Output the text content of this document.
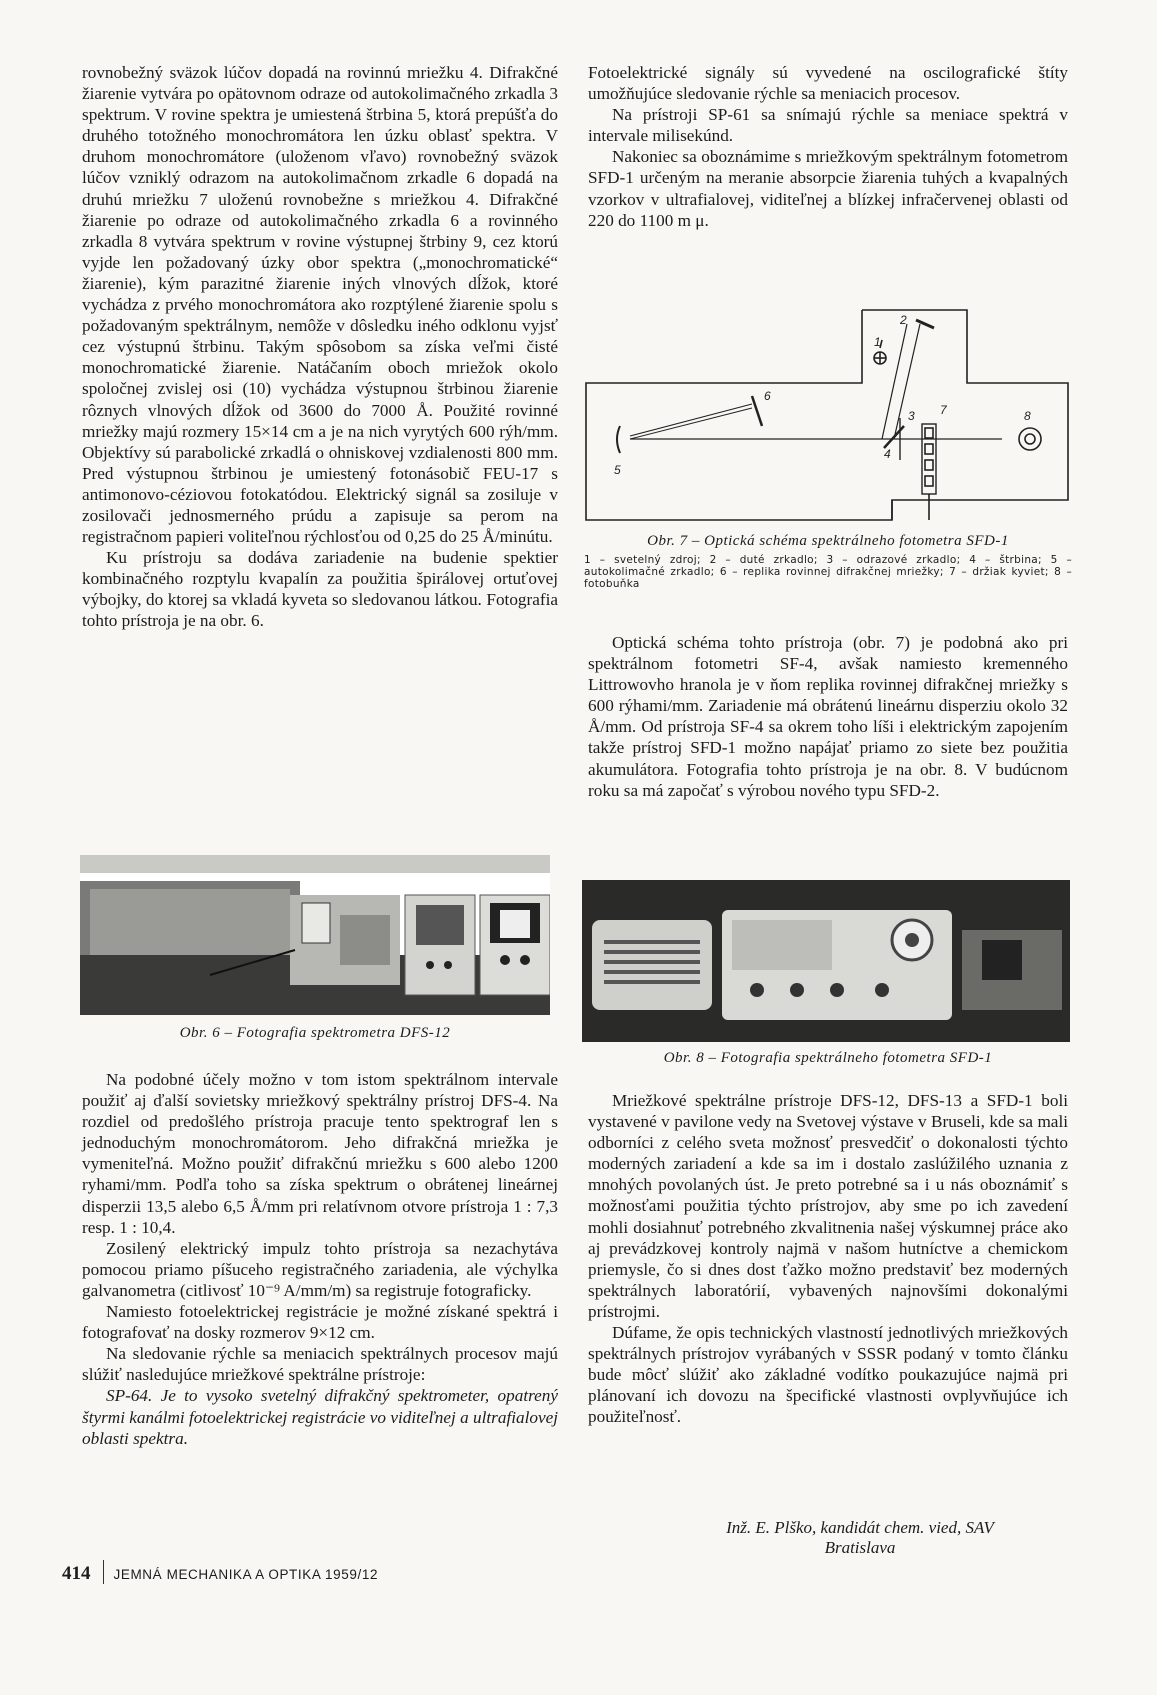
rovnobežný sväzok lúčov dopadá na rovinnú mriežku 4. Difrakčné žiarenie vytvára po opätovnom odraze od autokolimačného zrkadla 3 spektrum. V rovine spektra je umiestená štrbina 5, ktorá prepúšťa do druhého totožného monochromátora len úzku oblasť spektra. V druhom monochromátore (uloženom vľavo) rovnobežný sväzok lúčov vzniklý odrazom na autokolimačnom zrkadle 6 dopadá na druhú mriežku 7 uloženú rovnobežne s mriežkou 4. Difrakčné žiarenie po odraze od autokolimačného zrkadla 6 a rovinného zrkadla 8 vytvára spektrum v rovine výstupnej štrbiny 9, cez ktorú vyjde len požadovaný úzky obor spektra („monochromatické“ žiarenie), kým parazitné žiarenie iných vlnových dĺžok, ktoré vychádza z prvého monochromátora ako rozptýlené žiarenie spolu s požadovaným spektrálnym, nemôže v dôsledku iného odklonu vyjsť cez výstupnú štrbinu. Takým spôsobom sa získa veľmi čisté monochromatické žiarenie. Natáčaním oboch mriežok okolo spoločnej zvislej osi (10) vychádza výstupnou štrbinou žiarenie rôznych vlnových dĺžok od 3600 do 7000 Å. Použité rovinné mriežky majú rozmery 15×14 cm a je na nich vyrytých 600 rýh/mm. Objektívy sú parabolické zrkadlá o ohniskovej vzdialenosti 800 mm. Pred výstupnou štrbinou je umiestený fotonásobič FEU-17 s antimonovo-céziovou fotokatódou. Elektrický signál sa zosiluje v zosilovači jednosmerného prúdu a zapisuje sa perom na registračnom papieri voliteľnou rýchlosťou od 0,25 do 25 Å/minútu.

Ku prístroju sa dodáva zariadenie na budenie spektier kombinačného rozptylu kvapalín za použitia špirálovej ortuťovej výbojky, do ktorej sa vkladá kyveta so sledovanou látkou. Fotografia tohto prístroja je na obr. 6.

Obr. 6 – Fotografia spektrometra DFS-12

Na podobné účely možno v tom istom spektrálnom intervale použiť aj ďalší sovietsky mriežkový spektrálny prístroj DFS-4. Na rozdiel od predošlého prístroja pracuje tento spektrograf len s jednoduchým monochromátorom. Jeho difrakčná mriežka je vymeniteľná. Možno použiť difrakčnú mriežku s 600 alebo 1200 ryhami/mm. Podľa toho sa získa spektrum o obrátenej lineárnej disperzii 13,5 alebo 6,5 Å/mm pri relatívnom otvore prístroja 1 : 7,3 resp. 1 : 10,4.

Zosilený elektrický impulz tohto prístroja sa nezachytáva pomocou priamo píšuceho registračného zariadenia, ale výchylka galvanometra (citlivosť 10⁻⁹ A/mm/m) sa registruje fotograficky.

Namiesto fotoelektrickej registrácie je možné získané spektrá i fotografovať na dosky rozmerov 9×12 cm.

Na sledovanie rýchle sa meniacich spektrálnych procesov majú slúžiť nasledujúce mriežkové spektrálne prístroje:

SP-64. Je to vysoko svetelný difrakčný spektrometer, opatrený štyrmi kanálmi fotoelektrickej registrácie vo viditeľnej a ultrafialovej oblasti spektra.

Fotoelektrické signály sú vyvedené na oscilografické štíty umožňujúce sledovanie rýchle sa meniacich procesov.

Na prístroji SP-61 sa snímajú rýchle sa meniace spektrá v intervale milisekúnd.

Nakoniec sa oboznámime s mriežkovým spektrálnym fotometrom SFD-1 určeným na meranie absorpcie žiarenia tuhých a kvapalných vzorkov v ultrafialovej, viditeľnej a blízkej infračervenej oblasti od 220 do 1100 m μ.

1
2
3
4
5
6
7	8
Obr. 7 – Optická schéma spektrálneho fotometra SFD-1
1 – svetelný zdroj; 2 – duté zrkadlo; 3 – odrazové zrkadlo; 4 – štrbina; 5 – autokolimačné zrkadlo; 6 – replika rovinnej difrakčnej mriežky; 7 – držiak kyviet; 8 – fotobuňka

Optická schéma tohto prístroja (obr. 7) je podobná ako pri spektrálnom fotometri SF-4, avšak namiesto kremenného Littrowovho hranola je v ňom replika rovinnej difrakčnej mriežky s 600 rýhami/mm. Zariadenie má obrátenú lineárnu disperziu okolo 32 Å/mm. Od prístroja SF-4 sa okrem toho líši i elektrickým zapojením takže prístroj SFD-1 možno napájať priamo zo siete bez použitia akumulátora. Fotografia tohto prístroja je na obr. 8. V budúcnom roku sa má započať s výrobou nového typu SFD-2.

Obr. 8 – Fotografia spektrálneho fotometra SFD-1

Mriežkové spektrálne prístroje DFS-12, DFS-13 a SFD-1 boli vystavené v pavilone vedy na Svetovej výstave v Bruseli, kde sa mali odborníci z celého sveta možnosť presvedčiť o dokonalosti týchto moderných zariadení a kde sa im i dostalo zaslúžilého uznania z mnohých povolaných úst. Je preto potrebné sa i u nás oboznámiť s možnosťami použitia týchto prístrojov, aby sme po ich zavedení mohli dosiahnuť potrebného zkvalitnenia našej výskumnej práce ako aj prevádzkovej kontroly najmä v našom hutníctve a chemickom priemysle, čo si dnes dost ťažko možno predstaviť bez moderných spektrálnych laboratórií, vybavených najnovšími dokonalými prístrojmi.

Dúfame, že opis technických vlastností jednotlivých mriežkových spektrálnych prístrojov vyrábaných v SSSR podaný v tomto článku bude môcť slúžiť ako základné vodítko poukazujúce najmä pri plánovaní ich dovozu na špecifické vlastnosti ovplyvňujúce ich použiteľnosť.

Inž. E. Plško, kandidát chem. vied, SAV
Bratislava
414 JEMNÁ MECHANIKA A OPTIKA 1959/12
